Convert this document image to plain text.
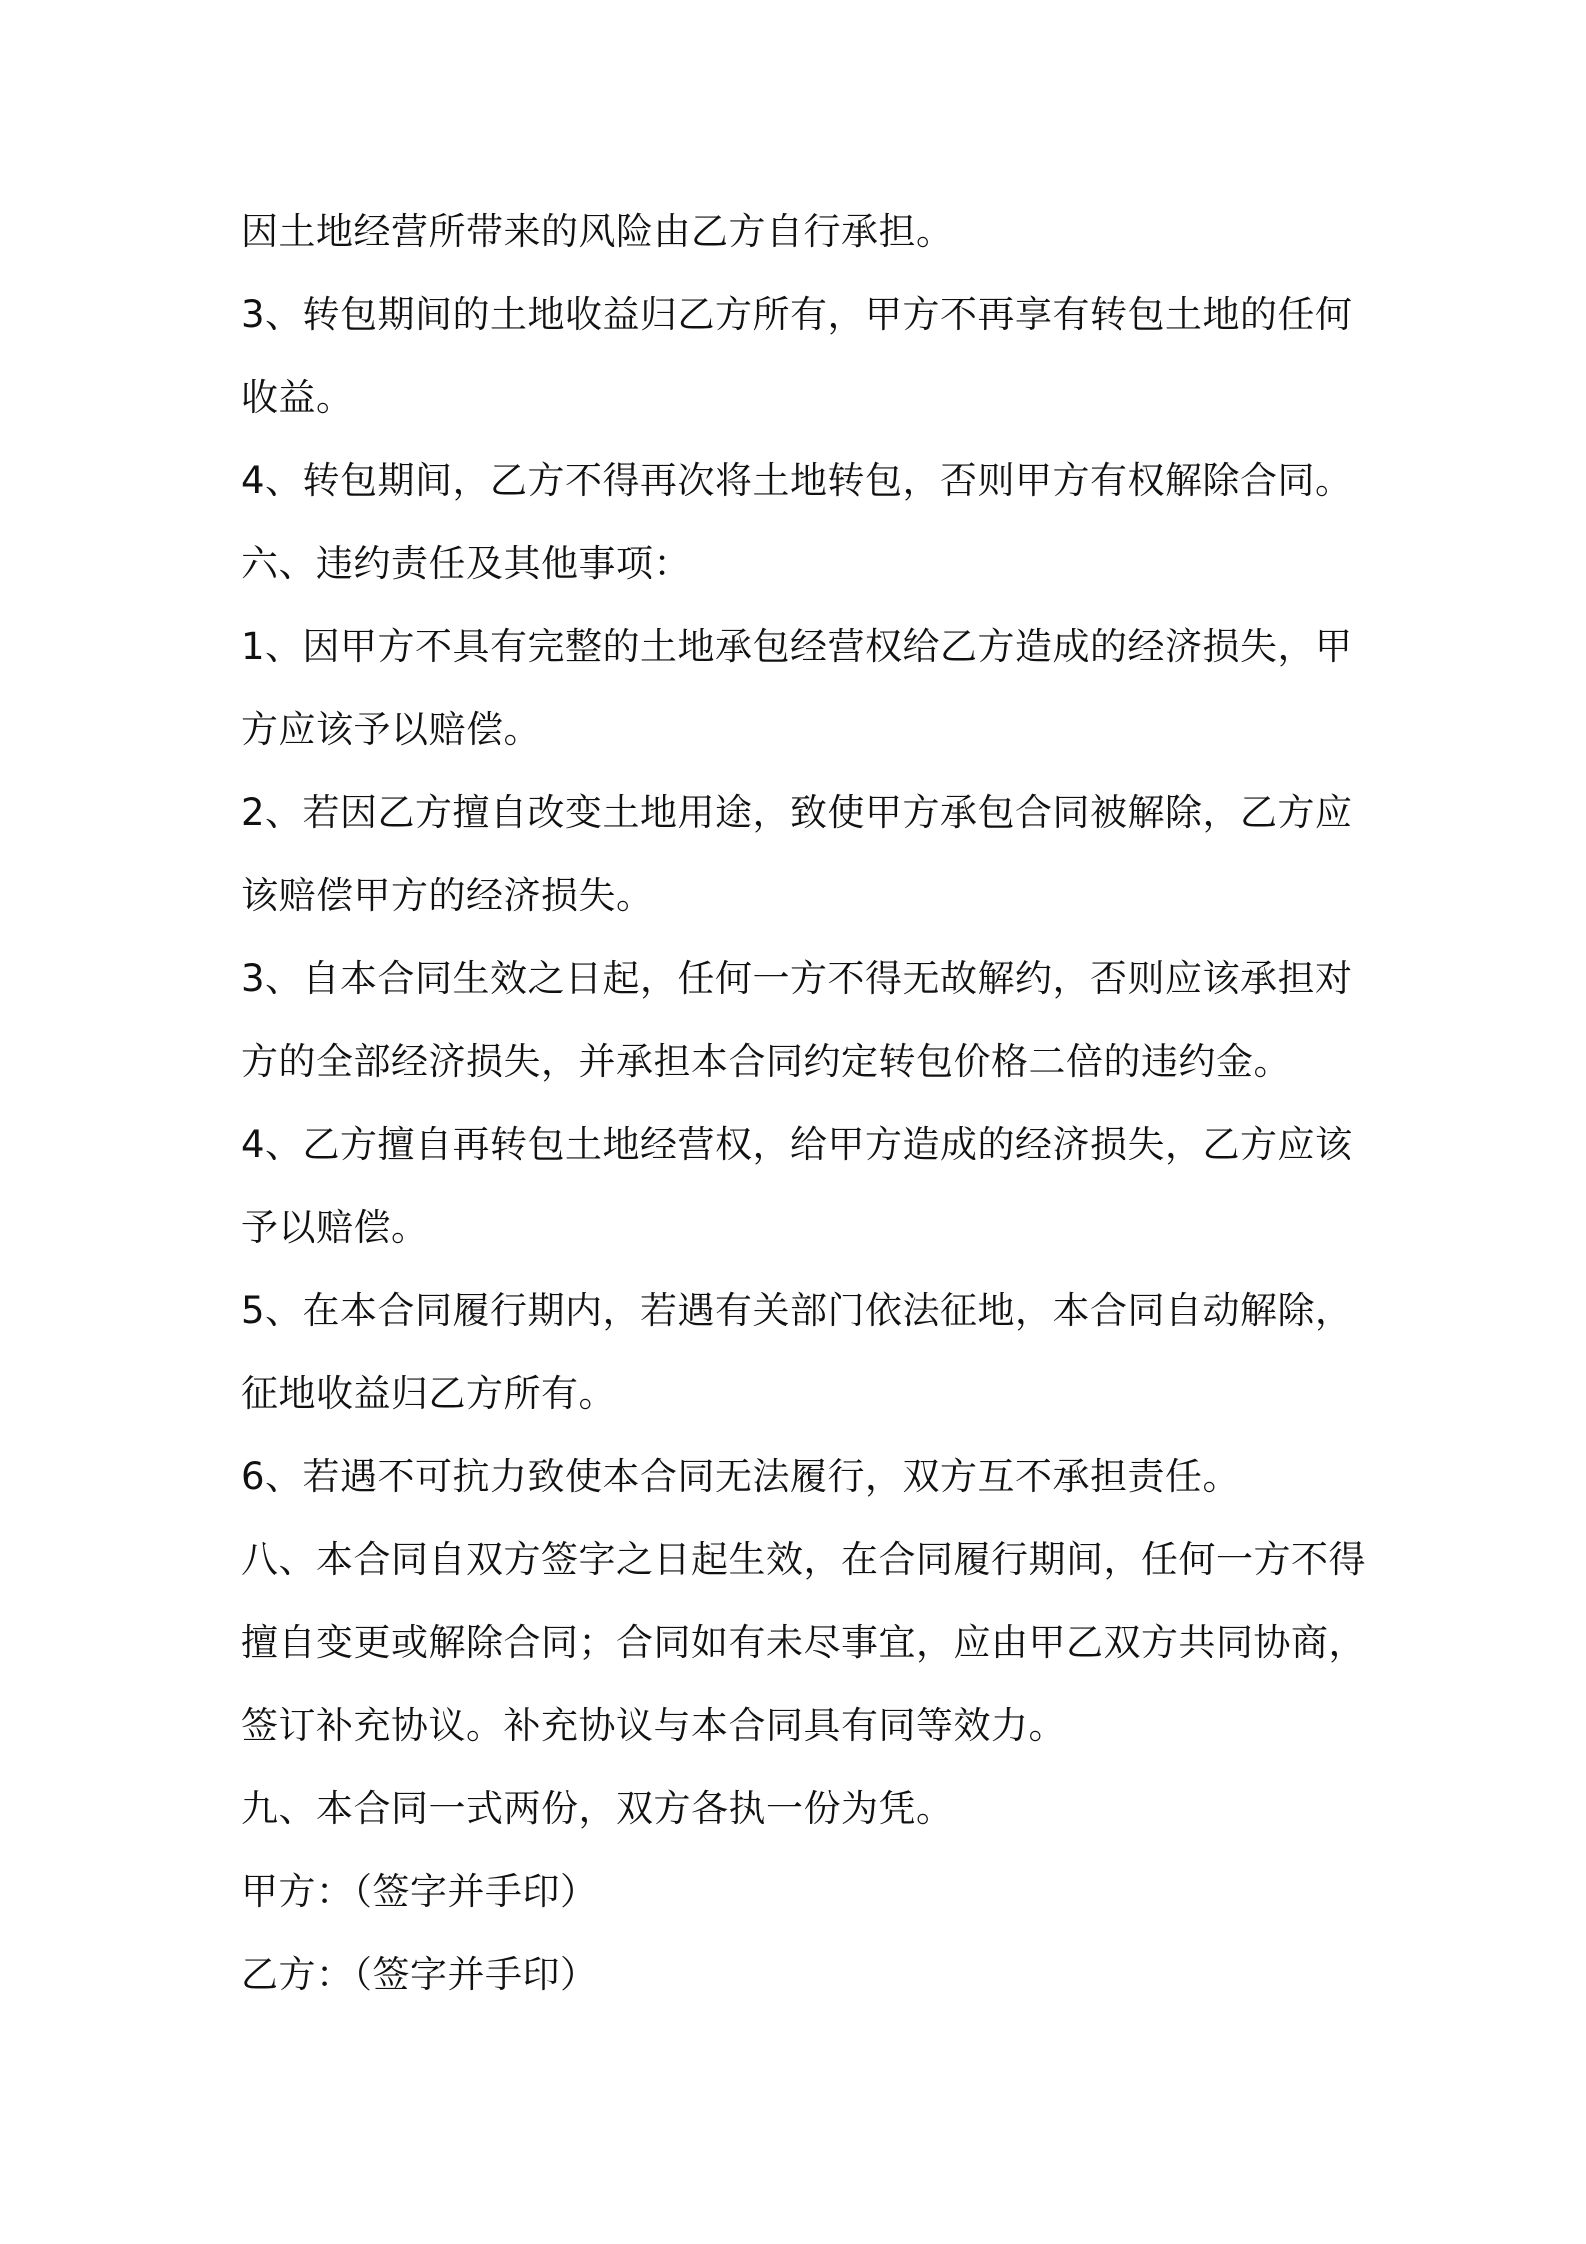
因土地经营所带来的风险由乙方自行承担。
3、转包期间的土地收益归乙方所有，甲方不再享有转包土地的任何
收益。
4、转包期间，乙方不得再次将土地转包，否则甲方有权解除合同。
六、违约责任及其他事项：
1、因甲方不具有完整的土地承包经营权给乙方造成的经济损失，甲
方应该予以赔偿。
2、若因乙方擅自改变土地用途，致使甲方承包合同被解除，乙方应
该赔偿甲方的经济损失。
3、自本合同生效之日起，任何一方不得无故解约，否则应该承担对
方的全部经济损失，并承担本合同约定转包价格二倍的违约金。
4、乙方擅自再转包土地经营权，给甲方造成的经济损失，乙方应该
予以赔偿。
5、在本合同履行期内，若遇有关部门依法征地，本合同自动解除，
征地收益归乙方所有。
6、若遇不可抗力致使本合同无法履行，双方互不承担责任。
八、本合同自双方签字之日起生效，在合同履行期间，任何一方不得
擅自变更或解除合同；合同如有未尽事宜，应由甲乙双方共同协商，
签订补充协议。补充协议与本合同具有同等效力。
九、本合同一式两份，双方各执一份为凭。
甲方：（签字并手印）
乙方：（签字并手印）
